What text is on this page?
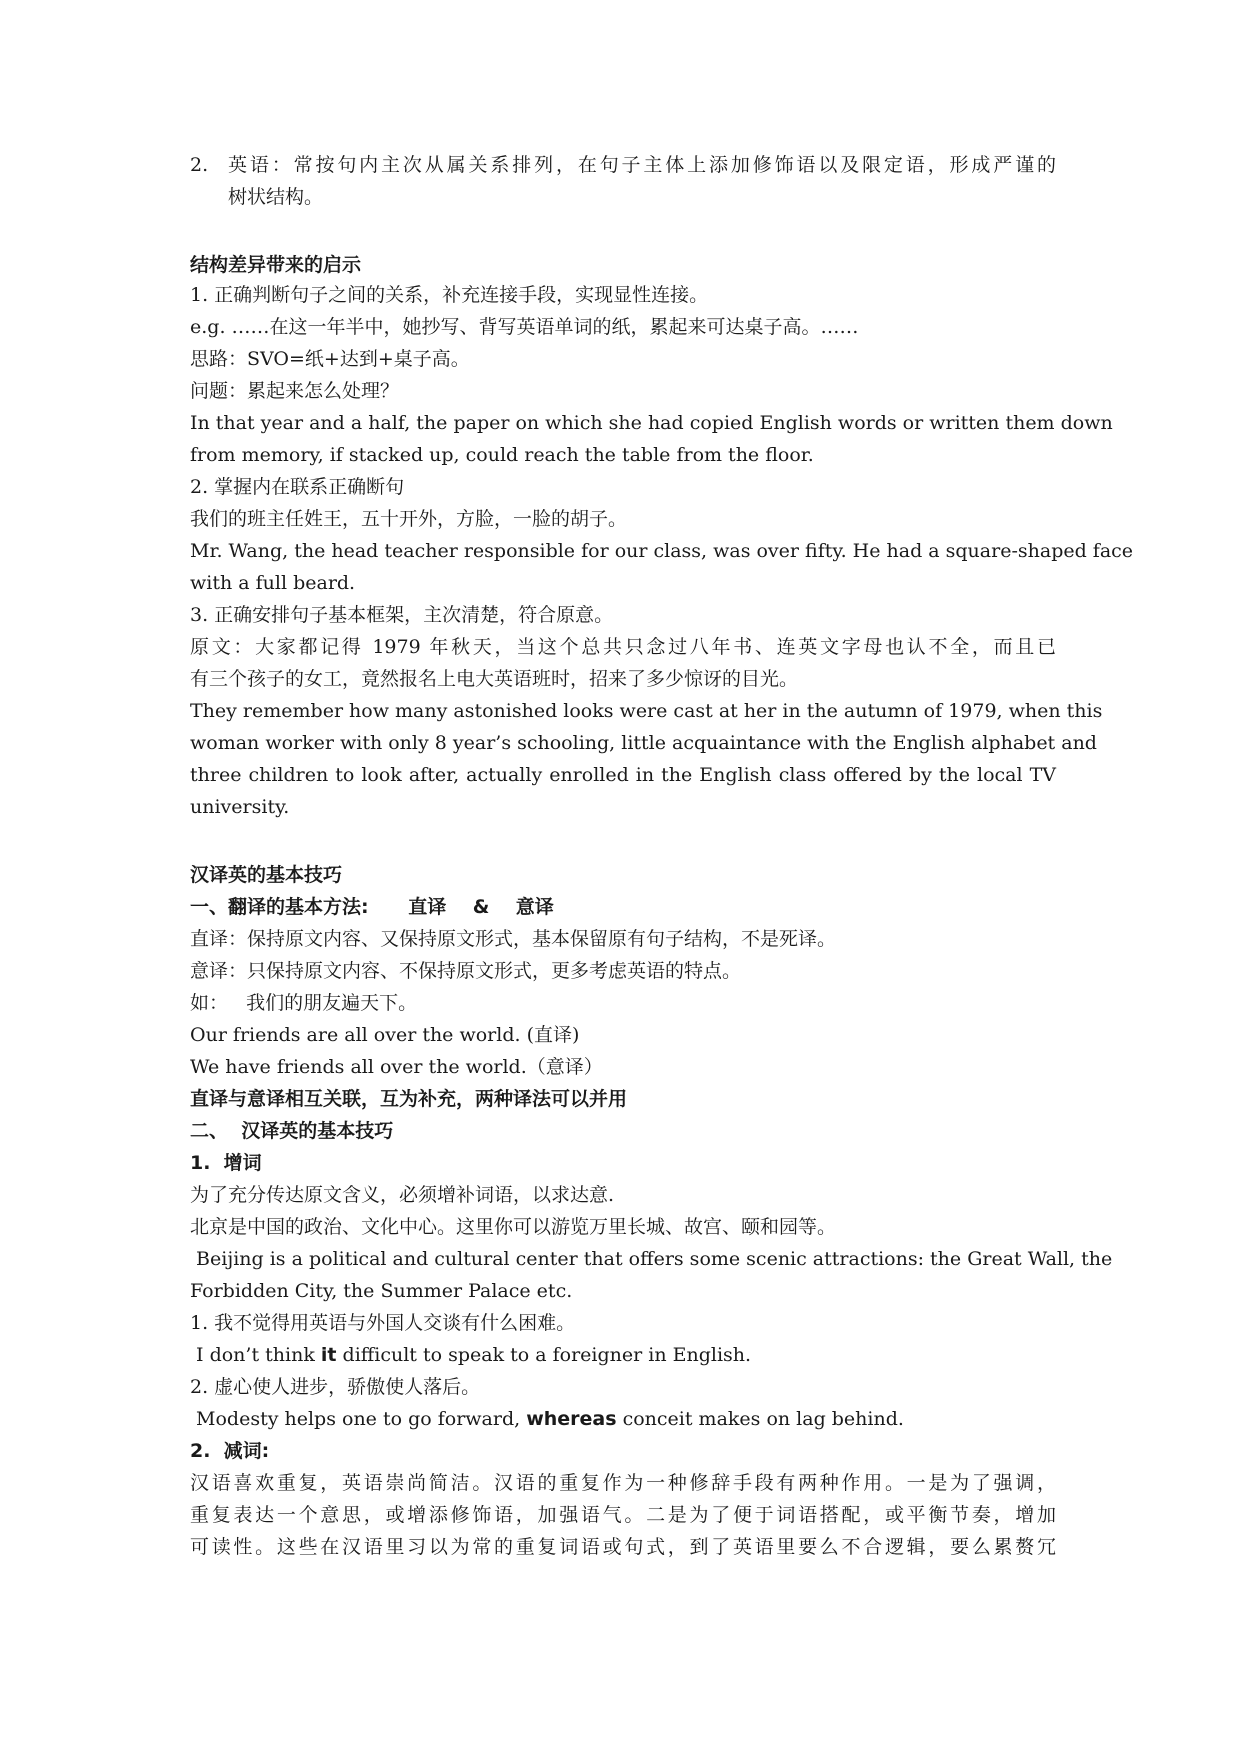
2. 英语：常按句内主次从属关系排列，在句子主体上添加修饰语以及限定语，形成严谨的
树状结构。
结构差异带来的启示
1. 正确判断句子之间的关系，补充连接手段，实现显性连接。
e.g. ……在这一年半中，她抄写、背写英语单词的纸，累起来可达桌子高。……
思路：SVO=纸+达到+桌子高。
问题：累起来怎么处理？
In that year and a half, the paper on which she had copied English words or written them down
from memory, if stacked up, could reach the table from the floor.
2. 掌握内在联系正确断句
我们的班主任姓王，五十开外，方脸，一脸的胡子。
Mr. Wang, the head teacher responsible for our class, was over fifty. He had a square-shaped face
with a full beard.
3. 正确安排句子基本框架，主次清楚，符合原意。
原文：大家都记得 1979 年秋天，当这个总共只念过八年书、连英文字母也认不全，而且已
有三个孩子的女工，竟然报名上电大英语班时，招来了多少惊讶的目光。
They remember how many astonished looks were cast at her in the autumn of 1979, when this
woman worker with only 8 year’s schooling, little acquaintance with the English alphabet and
three children to look after, actually enrolled in the English class offered by the local TV
university.
汉译英的基本技巧
一、翻译的基本方法:      直译    &    意译
直译：保持原文内容、又保持原文形式，基本保留原有句子结构，不是死译。
意译：只保持原文内容、不保持原文形式，更多考虑英语的特点。
如：   我们的朋友遍天下。
Our friends are all over the world. (直译)
We have friends all over the world.（意译）
直译与意译相互关联，互为补充，两种译法可以并用
二、  汉译英的基本技巧
1.  增词
为了充分传达原文含义，必须增补词语，以求达意.
北京是中国的政治、文化中心。这里你可以游览万里长城、故宫、颐和园等。
Beijing is a political and cultural center that offers some scenic attractions: the Great Wall, the
Forbidden City, the Summer Palace etc.
1. 我不觉得用英语与外国人交谈有什么困难。
I don’t think it difficult to speak to a foreigner in English.
2. 虚心使人进步，骄傲使人落后。
Modesty helps one to go forward, whereas conceit makes on lag behind.
2.  减词:
汉语喜欢重复，英语崇尚简洁。汉语的重复作为一种修辞手段有两种作用。一是为了强调，
重复表达一个意思，或增添修饰语，加强语气。二是为了便于词语搭配，或平衡节奏，增加
可读性。这些在汉语里习以为常的重复词语或句式，到了英语里要么不合逻辑，要么累赘冗
